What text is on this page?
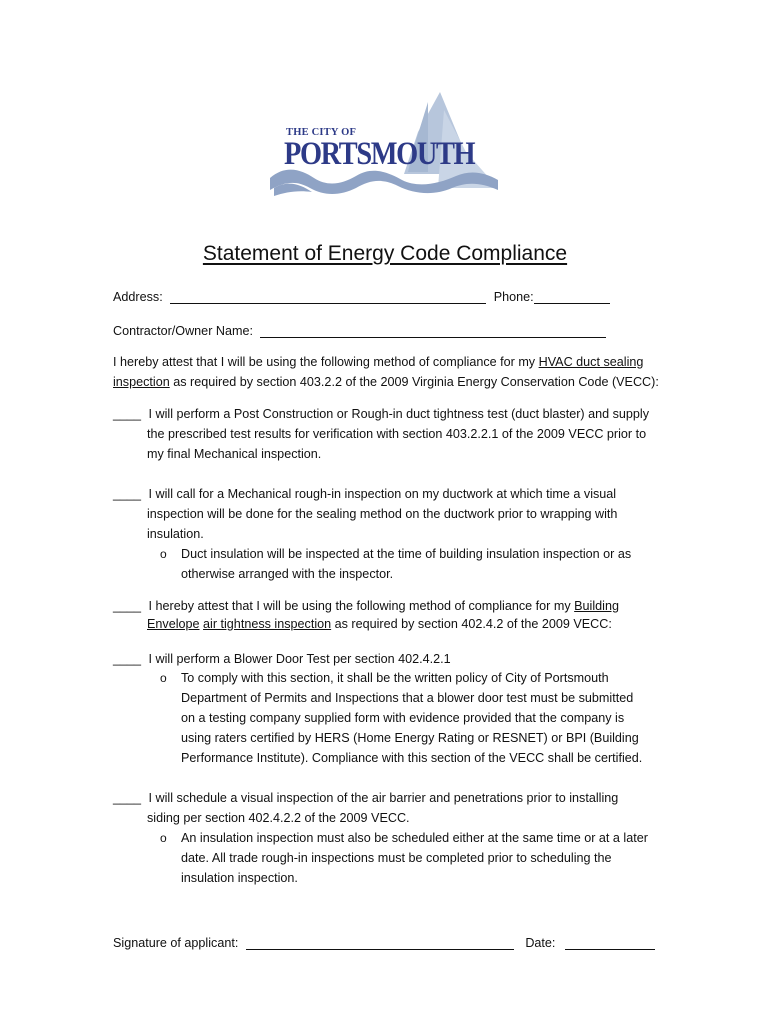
THE CITY OF
PORTSMOUTH
Statement of Energy Code Compliance
Address:	Phone:
Contractor/Owner Name:
I hereby attest that I will be using the following method of compliance for my HVAC duct sealing
inspection as required by section 403.2.2 of the 2009 Virginia Energy Conservation Code (VECC):
____ I will perform a Post Construction or Rough-in duct tightness test (duct blaster) and supply
the prescribed test results for verification with section 403.2.2.1 of the 2009 VECC prior to
my final Mechanical inspection.
____ I will call for a Mechanical rough-in inspection on my ductwork at which time a visual
inspection will be done for the sealing method on the ductwork prior to wrapping with
insulation.
o Duct insulation will be inspected at the time of building insulation inspection or as
otherwise arranged with the inspector.
____ I hereby attest that I will be using the following method of compliance for my Building
Envelope air tightness inspection as required by section 402.4.2 of the 2009 VECC:
____ I will perform a Blower Door Test per section 402.4.2.1
o To comply with this section, it shall be the written policy of City of Portsmouth
Department of Permits and Inspections that a blower door test must be submitted
on a testing company supplied form with evidence provided that the company is
using raters certified by HERS (Home Energy Rating or RESNET) or BPI (Building
Performance Institute). Compliance with this section of the VECC shall be certified.
____ I will schedule a visual inspection of the air barrier and penetrations prior to installing
siding per section 402.4.2.2 of the 2009 VECC.
o An insulation inspection must also be scheduled either at the same time or at a later
date. All trade rough-in inspections must be completed prior to scheduling the
insulation inspection.
Signature of applicant:	Date:
